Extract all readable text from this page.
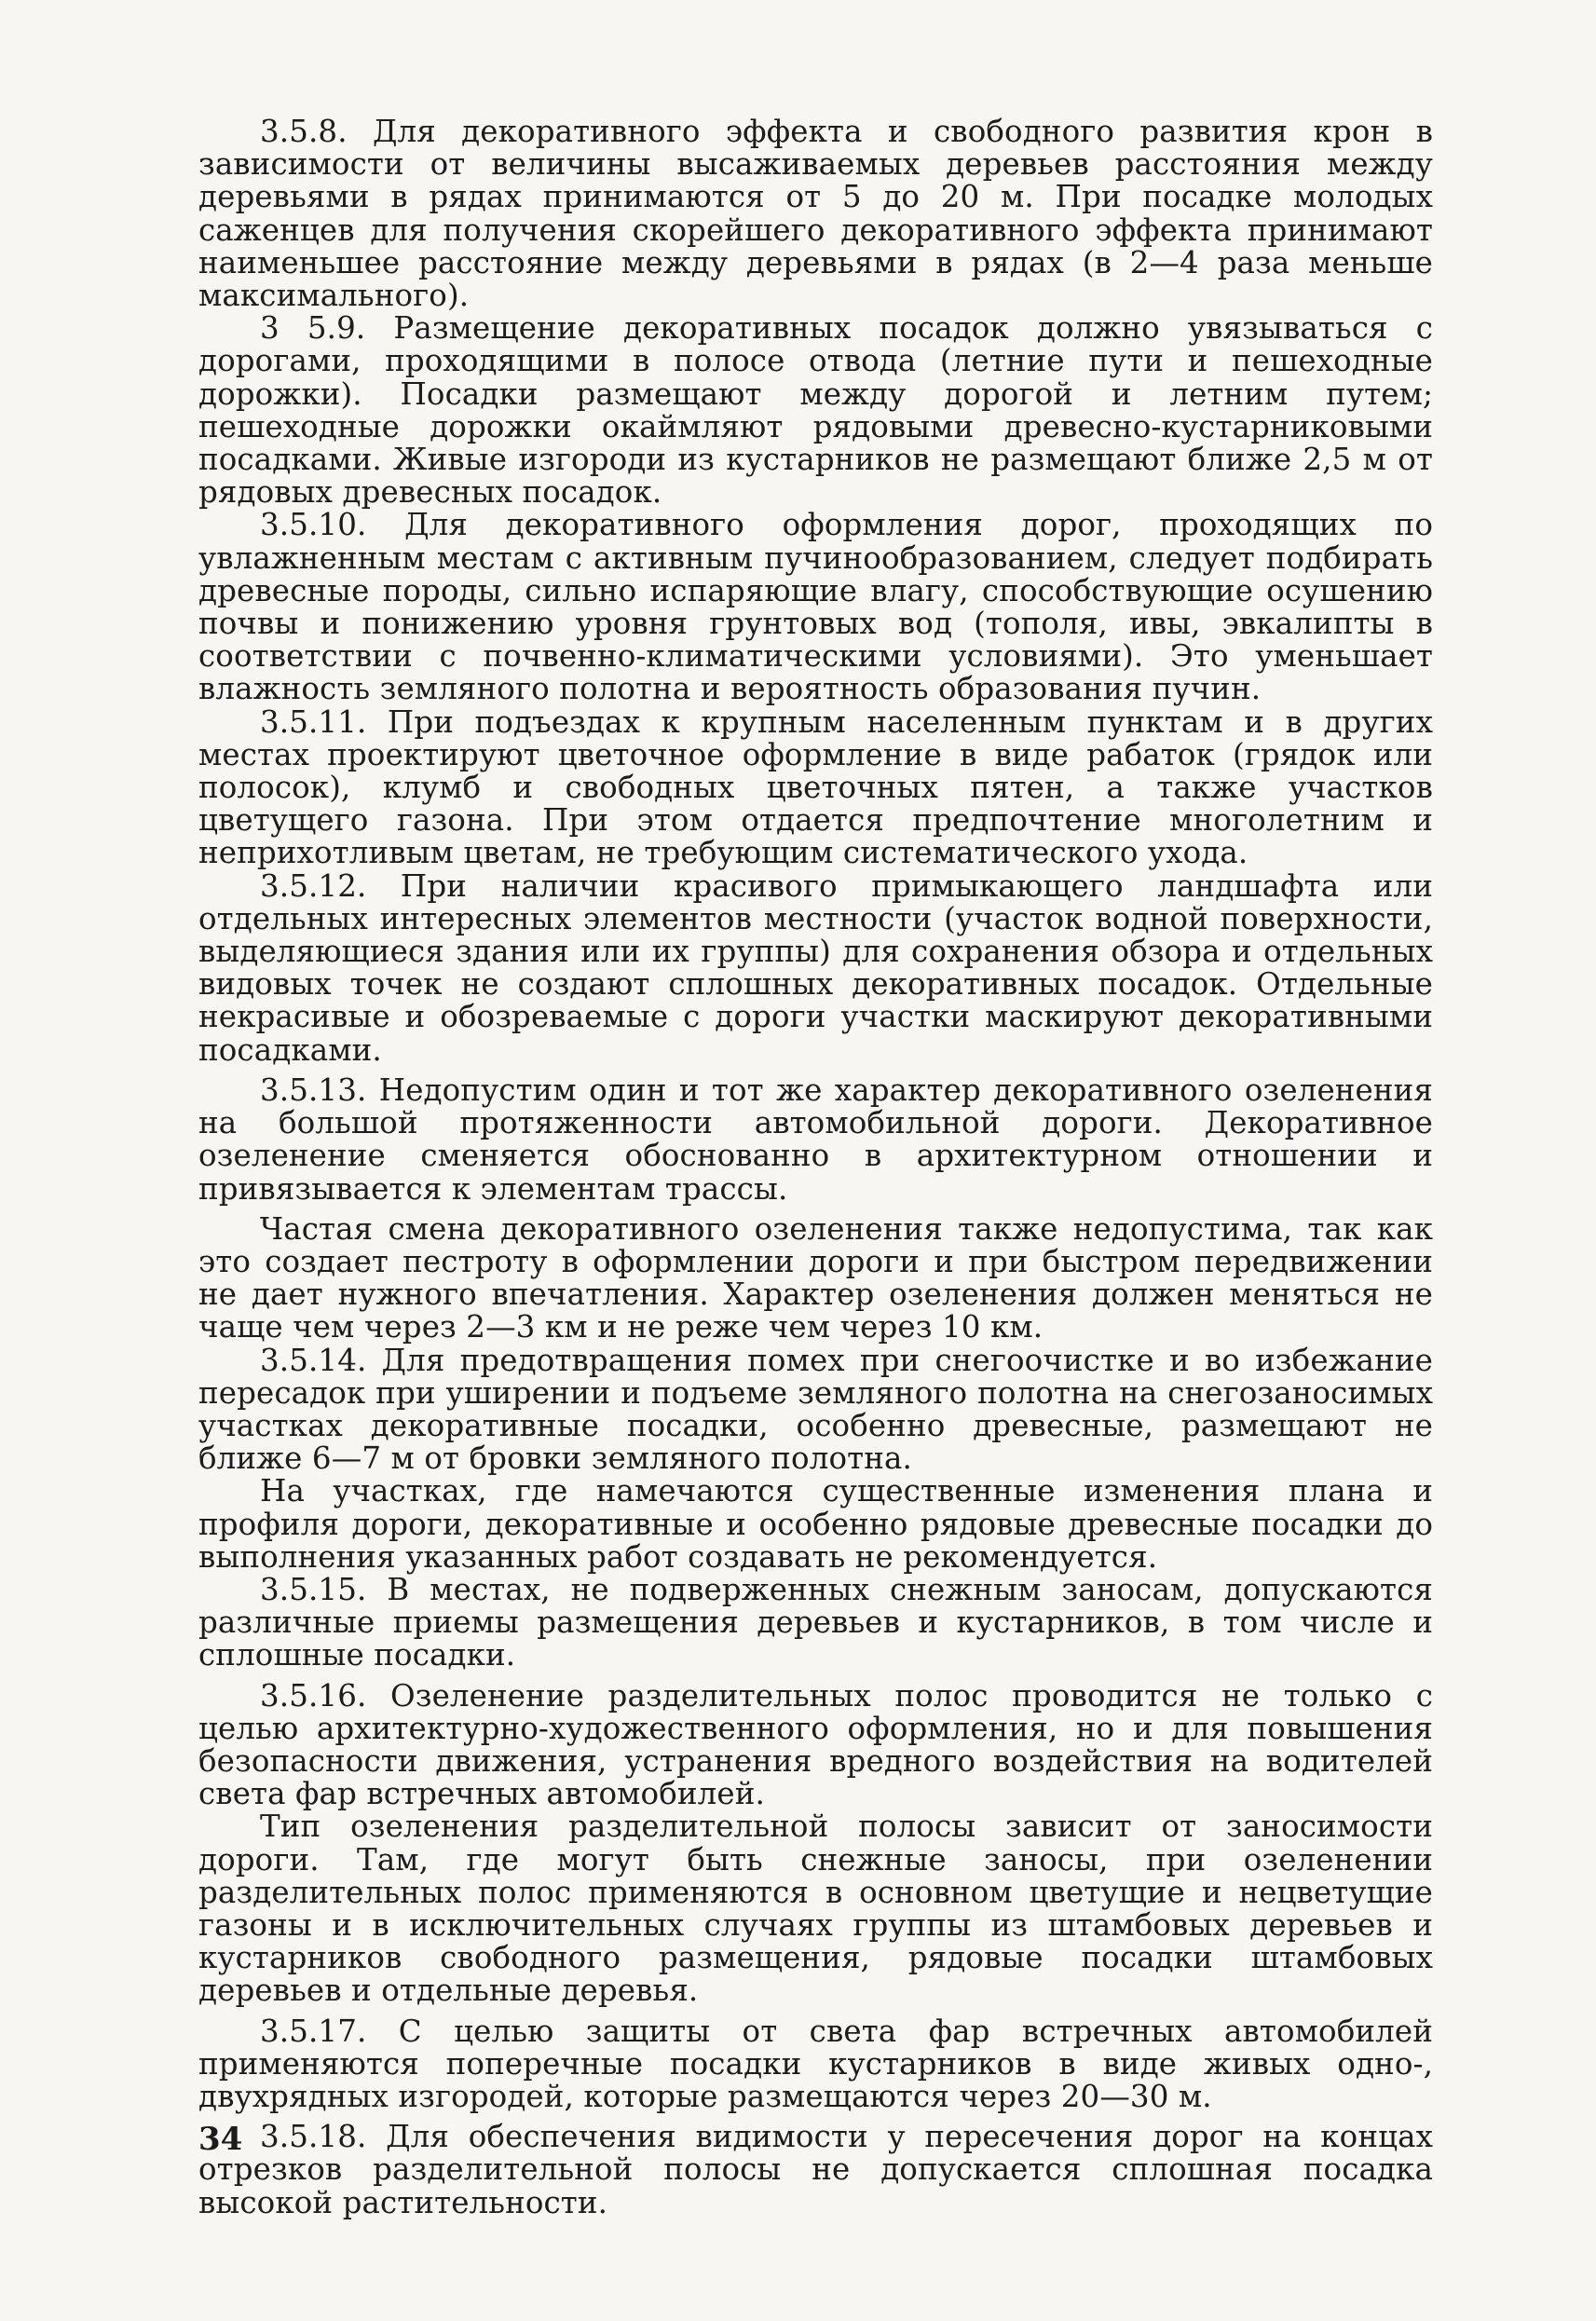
3.5.8. Для декоративного эффекта и свободного развития крон в зависимости от величины высаживаемых деревьев расстояния между деревьями в рядах принимаются от 5 до 20 м. При посадке молодых саженцев для получения скорейшего декоративного эффекта принимают наименьшее расстояние между деревьями в рядах (в 2—4 раза меньше максимального).

3 5.9. Размещение декоративных посадок должно увязываться с дорогами, проходящими в полосе отвода (летние пути и пешеходные дорожки). Посадки размещают между дорогой и летним путем; пешеходные дорожки окаймляют рядовыми древесно-кустарниковыми посадками. Живые изгороди из кустарников не размещают ближе 2,5 м от рядовых древесных посадок.

3.5.10. Для декоративного оформления дорог, проходящих по увлажненным местам с активным пучинообразованием, следует подбирать древесные породы, сильно испаряющие влагу, способствующие осушению почвы и понижению уровня грунтовых вод (тополя, ивы, эвкалипты в соответствии с почвенно-климатическими условиями). Это уменьшает влажность земляного полотна и вероятность образования пучин.

3.5.11. При подъездах к крупным населенным пунктам и в других местах проектируют цветочное оформление в виде рабаток (грядок или полосок), клумб и свободных цветочных пятен, а также участков цветущего газона. При этом отдается предпочтение многолетним и неприхотливым цветам, не требующим систематического ухода.

3.5.12. При наличии красивого примыкающего ландшафта или отдельных интересных элементов местности (участок водной поверхности, выделяющиеся здания или их группы) для сохранения обзора и отдельных видовых точек не создают сплошных декоративных посадок. Отдельные некрасивые и обозреваемые с дороги участки маскируют декоративными посадками.

3.5.13. Недопустим один и тот же характер декоративного озеленения на большой протяженности автомобильной дороги. Декоративное озеленение сменяется обоснованно в архитектурном отношении и привязывается к элементам трассы.

Частая смена декоративного озеленения также недопустима, так как это создает пестроту в оформлении дороги и при быстром передвижении не дает нужного впечатления. Характер озеленения должен меняться не чаще чем через 2—3 км и не реже чем через 10 км.

3.5.14. Для предотвращения помех при снегоочистке и во избежание пересадок при уширении и подъеме земляного полотна на снегозаносимых участках декоративные посадки, особенно древесные, размещают не ближе 6—7 м от бровки земляного полотна.

На участках, где намечаются существенные изменения плана и профиля дороги, декоративные и особенно рядовые древесные посадки до выполнения указанных работ создавать не рекомендуется.

3.5.15. В местах, не подверженных снежным заносам, допускаются различные приемы размещения деревьев и кустарников, в том числе и сплошные посадки.

3.5.16. Озеленение разделительных полос проводится не только с целью архитектурно-художественного оформления, но и для повышения безопасности движения, устранения вредного воздействия на водителей света фар встречных автомобилей.

Тип озеленения разделительной полосы зависит от заносимости дороги. Там, где могут быть снежные заносы, при озеленении разделительных полос применяются в основном цветущие и нецветущие газоны и в исключительных случаях группы из штамбовых деревьев и кустарников свободного размещения, рядовые посадки штамбовых деревьев и отдельные деревья.

3.5.17. С целью защиты от света фар встречных автомобилей применяются поперечные посадки кустарников в виде живых одно-, двухрядных изгородей, которые размещаются через 20—30 м.

3.5.18. Для обеспечения видимости у пересечения дорог на концах отрезков разделительной полосы не допускается сплошная посадка высокой растительности.

34
